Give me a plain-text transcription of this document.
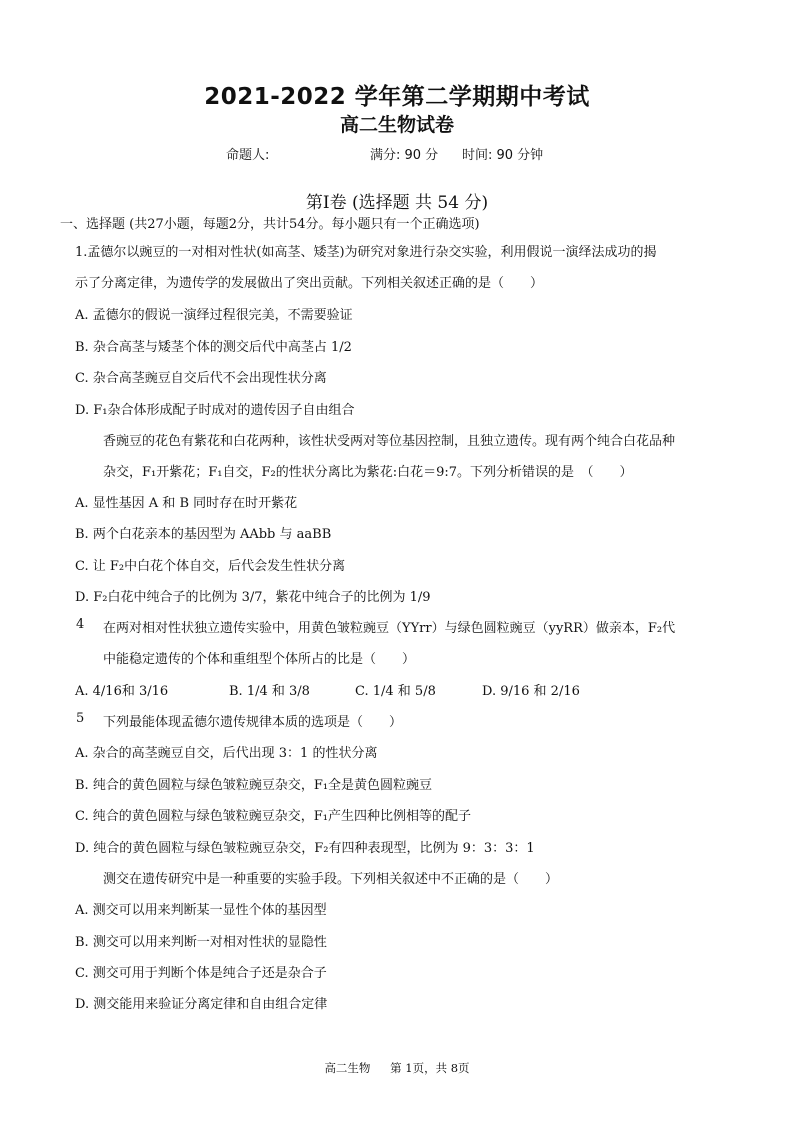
2021-2022 学年第二学期期中考试
高二生物试卷
命题人:	满分: 90 分 时间: 90 分钟
第Ⅰ卷 (选择题 共 54 分)
一、选择题 (共27小题，每题2分，共计54分。每小题只有一个正确选项)
1.孟德尔以豌豆的一对相对性状(如高茎、矮茎)为研究对象进行杂交实验，利用假说一演绎法成功的揭
示了分离定律，为遗传学的发展做出了突出贡献。下列相关叙述正确的是（　　）
A. 孟德尔的假说一演绎过程很完美，不需要验证
B. 杂合高茎与矮茎个体的测交后代中高茎占 1/2
C. 杂合高茎豌豆自交后代不会出现性状分离
D. F₁杂合体形成配子时成对的遗传因子自由组合
香豌豆的花色有紫花和白花两种，该性状受两对等位基因控制，且独立遗传。现有两个纯合白花品种
杂交，F₁开紫花；F₁自交，F₂的性状分离比为紫花:白花＝9:7。下列分析错误的是　（　　）
A. 显性基因 A 和 B 同时存在时开紫花
B. 两个白花亲本的基因型为 AAbb 与 aaBB
C. 让 F₂中白花个体自交，后代会发生性状分离
D. F₂白花中纯合子的比例为 3/7，紫花中纯合子的比例为 1/9
4 在两对相对性状独立遗传实验中，用黄色皱粒豌豆（YYrr）与绿色圆粒豌豆（yyRR）做亲本，F₂代
中能稳定遗传的个体和重组型个体所占的比是（　　）
A. 4/16和 3/16	B. 1/4 和 3/8	C. 1/4 和 5/8	D. 9/16 和 2/16
5 下列最能体现孟德尔遗传规律本质的选项是（　　）
A. 杂合的高茎豌豆自交，后代出现 3：1 的性状分离
B. 纯合的黄色圆粒与绿色皱粒豌豆杂交，F₁全是黄色圆粒豌豆
C. 纯合的黄色圆粒与绿色皱粒豌豆杂交，F₁产生四种比例相等的配子
D. 纯合的黄色圆粒与绿色皱粒豌豆杂交，F₂有四种表现型，比例为 9：3：3：1
测交在遗传研究中是一种重要的实验手段。下列相关叙述中不正确的是（　　）
A. 测交可以用来判断某一显性个体的基因型
B. 测交可以用来判断一对相对性状的显隐性
C. 测交可用于判断个体是纯合子还是杂合子
D. 测交能用来验证分离定律和自由组合定律
高二生物 第 1页，共 8页
